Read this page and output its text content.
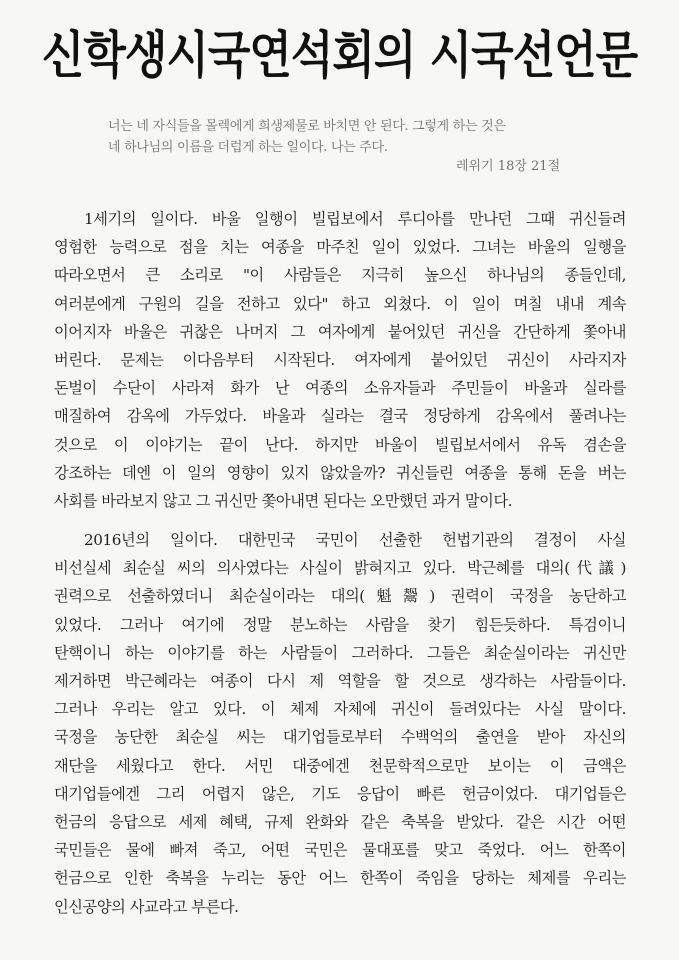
신학생시국연석회의 시국선언문

너는 네 자식들을 몰렉에게 희생제물로 바치면 안 된다. 그렇게 하는 것은

네 하나님의 이름을 더럽게 하는 일이다. 나는 주다.

레위기 18장 21절
1세기의 일이다. 바울 일행이 빌립보에서 루디아를 만나던 그때 귀신들려
영험한 능력으로 점을 치는 여종을 마주친 일이 있었다. 그녀는 바울의 일행을
따라오면서 큰 소리로 "이 사람들은 지극히 높으신 하나님의 종들인데,
여러분에게 구원의 길을 전하고 있다" 하고 외쳤다. 이 일이 며칠 내내 계속
이어지자 바울은 귀찮은 나머지 그 여자에게 붙어있던 귀신을 간단하게 쫓아내
버린다. 문제는 이다음부터 시작된다. 여자에게 붙어있던 귀신이 사라지자
돈벌이 수단이 사라져 화가 난 여종의 소유자들과 주민들이 바울과 실라를
매질하여 감옥에 가두었다. 바울과 실라는 결국 정당하게 감옥에서 풀려나는
것으로 이 이야기는 끝이 난다. 하지만 바울이 빌립보서에서 유독 겸손을
강조하는 데엔 이 일의 영향이 있지 않았을까? 귀신들린 여종을 통해 돈을 버는
사회를 바라보지 않고 그 귀신만 쫓아내면 된다는 오만했던 과거 말이다.
2016년의 일이다. 대한민국 국민이 선출한 헌법기관의 결정이 사실
비선실세 최순실 씨의 의사였다는 사실이 밝혀지고 있다. 박근혜를 대의(代議)
권력으로 선출하였더니 최순실이라는 대의(魁鬶) 권력이 국정을 농단하고
있었다. 그러나 여기에 정말 분노하는 사람을 찾기 힘든듯하다. 특검이니
탄핵이니 하는 이야기를 하는 사람들이 그러하다. 그들은 최순실이라는 귀신만
제거하면 박근혜라는 여종이 다시 제 역할을 할 것으로 생각하는 사람들이다.
그러나 우리는 알고 있다. 이 체제 자체에 귀신이 들려있다는 사실 말이다.
국정을 농단한 최순실 씨는 대기업들로부터 수백억의 출연을 받아 자신의
재단을 세웠다고 한다. 서민 대중에겐 천문학적으로만 보이는 이 금액은
대기업들에겐 그리 어렵지 않은, 기도 응답이 빠른 헌금이었다. 대기업들은
헌금의 응답으로 세제 혜택, 규제 완화와 같은 축복을 받았다. 같은 시간 어떤
국민들은 물에 빠져 죽고, 어떤 국민은 물대포를 맞고 죽었다. 어느 한쪽이
헌금으로 인한 축복을 누리는 동안 어느 한쪽이 죽임을 당하는 체제를 우리는
인신공양의 사교라고 부른다.
